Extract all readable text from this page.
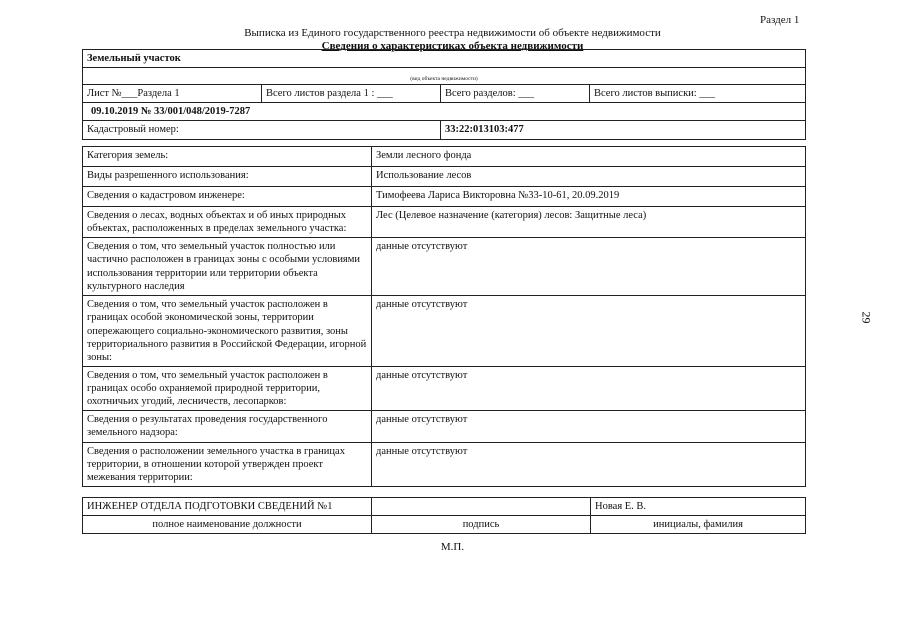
Раздел 1
Выписка из Единого государственного реестра недвижимости об объекте недвижимости
Сведения о характеристиках объекта недвижимости
29
Земельный участок			

(вид объекта недвижимости)			
Лист №___Раздела 1	Всего листов раздела 1 : ___	Всего разделов: ___	Всего листов выписки: ___
09.10.2019 № 33/001/048/2019-7287			
Кадастровый номер:		33:22:013103:477	
Категория земель:	Земли лесного фонда
Виды разрешенного использования:	Использование лесов
Сведения о кадастровом инженере:	Тимофеева Лариса Викторовна №33-10-61, 20.09.2019
Сведения о лесах, водных объектах и об иных природных объектах, расположенных в пределах земельного участка:	Лес (Целевое назначение (категория) лесов: Защитные леса)
Сведения о том, что земельный участок полностью или частично расположен в границах зоны с особыми условиями использования территории или территории объекта культурного наследия	данные отсутствуют
Сведения о том, что земельный участок расположен в границах особой экономической зоны, территории опережающего социально-экономического развития, зоны территориального развития в Российской Федерации, игорной зоны:	данные отсутствуют
Сведения о том, что земельный участок расположен в границах особо охраняемой природной территории, охотничьих угодий, лесничеств, лесопарков:	данные отсутствуют
Сведения о результатах проведения государственного земельного надзора:	данные отсутствуют
Сведения о расположении земельного участка в границах территории, в отношении которой утвержден проект межевания территории:	данные отсутствуют
ИНЖЕНЕР ОТДЕЛА ПОДГОТОВКИ СВЕДЕНИЙ №1		Новая Е. В.
полное наименование должности	подпись	инициалы, фамилия
М.П.
